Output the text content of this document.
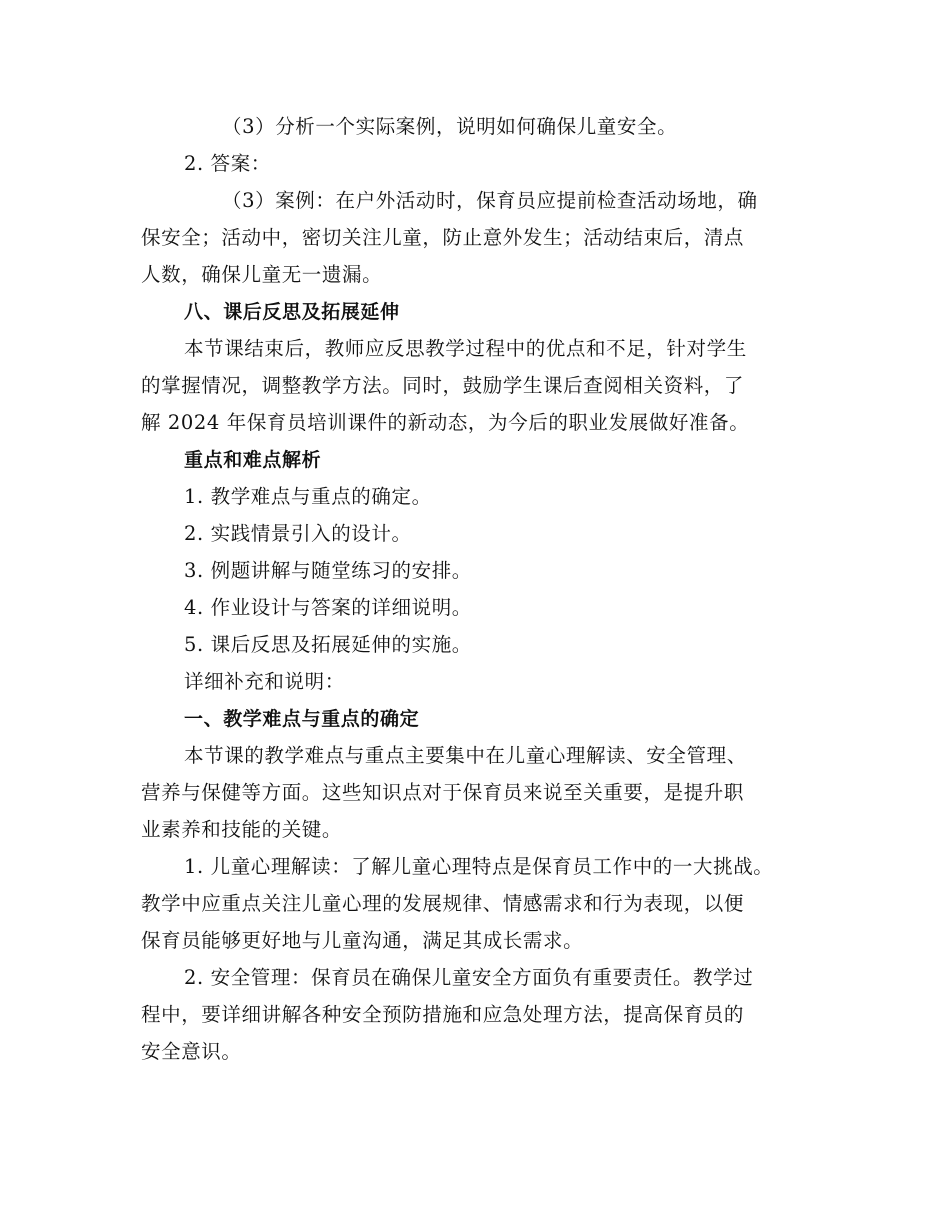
（3）分析一个实际案例，说明如何确保儿童安全。

2. 答案：

（3）案例：在户外活动时，保育员应提前检查活动场地，确

保安全；活动中，密切关注儿童，防止意外发生；活动结束后，清点

人数，确保儿童无一遗漏。

八、课后反思及拓展延伸

本节课结束后，教师应反思教学过程中的优点和不足，针对学生

的掌握情况，调整教学方法。同时，鼓励学生课后查阅相关资料，了

解 2024 年保育员培训课件的新动态，为今后的职业发展做好准备。

重点和难点解析

1. 教学难点与重点的确定。

2. 实践情景引入的设计。

3. 例题讲解与随堂练习的安排。

4. 作业设计与答案的详细说明。

5. 课后反思及拓展延伸的实施。

详细补充和说明：

一、教学难点与重点的确定

本节课的教学难点与重点主要集中在儿童心理解读、安全管理、

营养与保健等方面。这些知识点对于保育员来说至关重要，是提升职

业素养和技能的关键。

1. 儿童心理解读：了解儿童心理特点是保育员工作中的一大挑战。

教学中应重点关注儿童心理的发展规律、情感需求和行为表现，以便

保育员能够更好地与儿童沟通，满足其成长需求。

2. 安全管理：保育员在确保儿童安全方面负有重要责任。教学过

程中，要详细讲解各种安全预防措施和应急处理方法，提高保育员的

安全意识。
